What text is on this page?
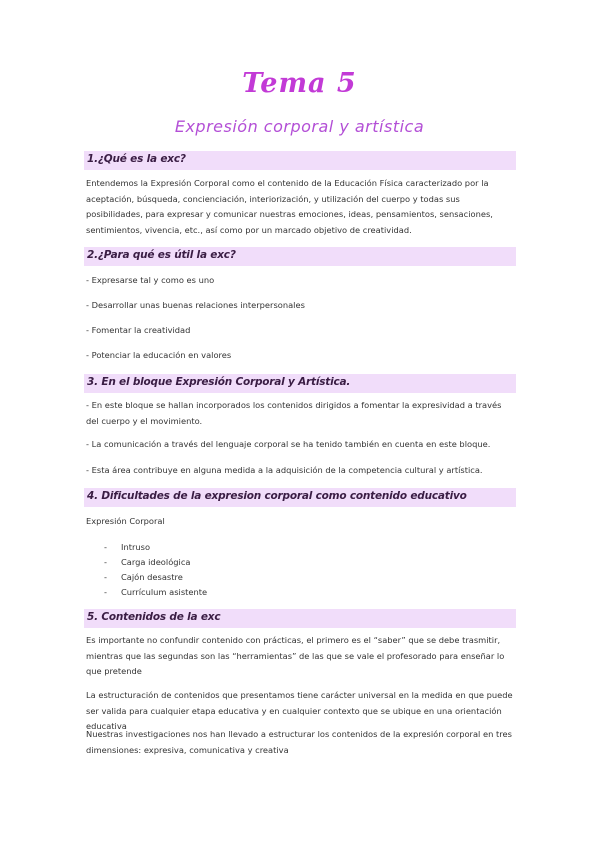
Tema 5
Expresión corporal y artística
1.¿Qué es la exc?
Entendemos la Expresión Corporal como el contenido de la Educación Física caracterizado por la aceptación, búsqueda, concienciación, interiorización, y utilización del cuerpo y todas sus posibilidades, para expresar y comunicar nuestras emociones, ideas, pensamientos, sensaciones, sentimientos, vivencia, etc., así como por un marcado objetivo de creatividad.
2.¿Para qué es útil la exc?
- Expresarse tal y como es uno
- Desarrollar unas buenas relaciones interpersonales
- Fomentar la creatividad
- Potenciar la educación en valores
3. En el bloque Expresión Corporal y Artística.
- En este bloque se hallan incorporados los contenidos dirigidos a fomentar la expresividad a través del cuerpo y el movimiento.
- La comunicación a través del lenguaje corporal se ha tenido también en cuenta en este bloque.
- Esta área contribuye en alguna medida a la adquisición de la competencia cultural y artística.
4. Dificultades de la expresion corporal como contenido educativo
Expresión Corporal
- Intruso
- Carga ideológica
- Cajón desastre
- Currículum asistente
5. Contenidos de la exc
Es importante no confundir contenido con prácticas, el primero es el “saber” que se debe trasmitir, mientras que las segundas son las “herramientas” de las que se vale el profesorado para enseñar lo que pretende
La estructuración de contenidos que presentamos tiene carácter universal en la medida en que puede ser valida para cualquier etapa educativa y en cualquier contexto que se ubique en una orientación educativa
Nuestras investigaciones nos han llevado a estructurar los contenidos de la expresión corporal en tres dimensiones: expresiva, comunicativa y creativa
